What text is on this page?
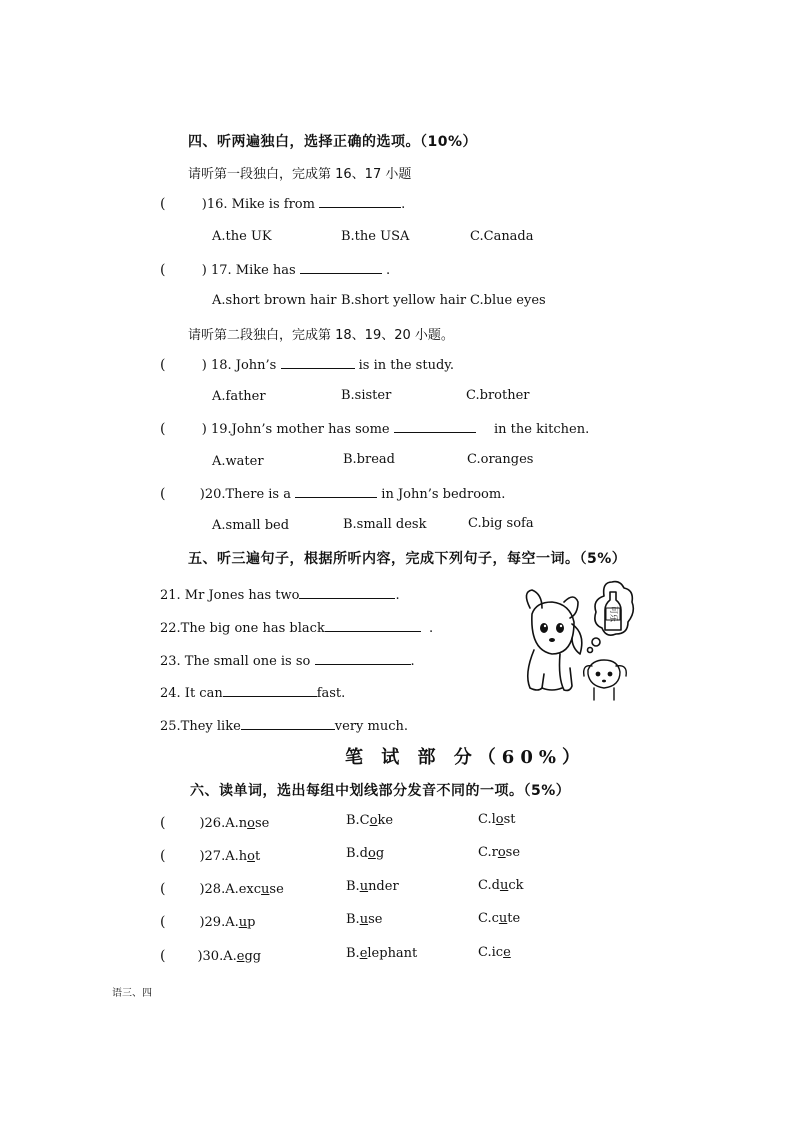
四、听两遍独白，选择正确的选项。（10%）
请听第一段独白，完成第 16、17 小题
(	)16. Mike is from	.
A.the UK	B.the USA	C.Canada
(	) 17. Mike has	.
A.short brown hair B.short yellow hair C.blue eyes
请听第二段独白，完成第 18、19、20 小题。
(	) 18. John’s	is in the study.
A.father	B.sister	C.brother
(	) 19.John’s mother has some	in the kitchen.
A.water	B.bread	C.oranges
(	)20.There is a	in John’s bedroom.
A.small bed	B.small desk	C.big sofa
五、听三遍句子，根据所听内容，完成下列句子，每空一词。（5%）
21. Mr Jones has two	.
22.The big one has black	.
23. The small one is so	.
24. It can	fast.
25.They like	very much.
可乐
笔 试 部 分（60%）
六、读单词，选出每组中划线部分发音不同的一项。（5%）
(	)26.A.nose	B.Coke	C.lost
(	)27.A.hot	B.dog	C.rose
(	)28.A.excuse	B.under	C.duck
(	)29.A.up	B.use	C.cute
( )30.A.egg	B.elephant	C.ice
语三、四
